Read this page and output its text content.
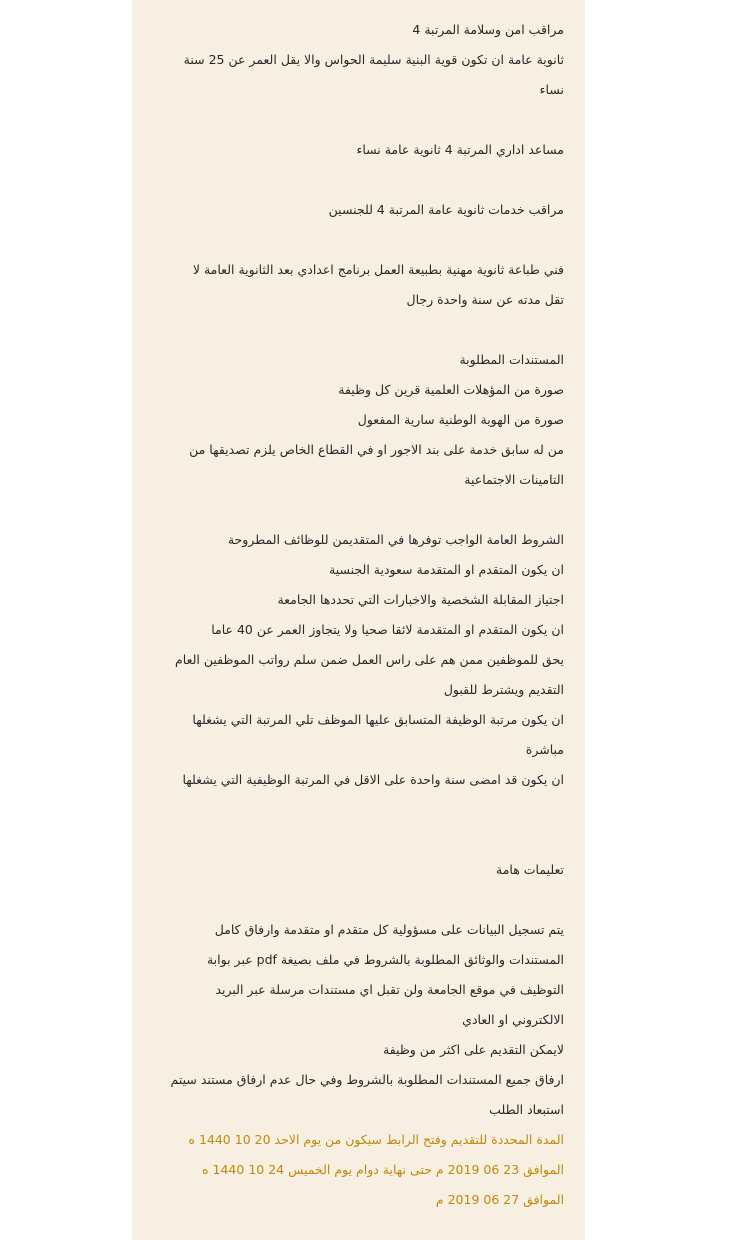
مراقب امن وسلامة المرتبة 4

ثانوية عامة ان تكون قوية البنية سليمة الحواس والا يقل العمر عن 25 سنة

نساء

مساعد اداري المرتبة 4 ثانوية عامة نساء

مراقب خدمات ثانوية عامة المرتبة 4 للجنسين

فني طباعة ثانوية مهنية بطبيعة العمل برنامج اعدادي بعد الثانوية العامة لا

تقل مدته عن سنة واحدة رجال

المستندات المطلوبة

صورة من المؤهلات العلمية قرين كل وظيفة

صورة من الهوية الوطنية سارية المفعول

من له سابق خدمة على بند الاجور او في القطاع الخاص يلزم تصديقها من

التامينات الاجتماعية

الشروط العامة الواجب توفرها في المتقديمن للوظائف المطروحة

ان يكون المتقدم او المتقدمة سعودية الجنسية

اجتياز المقابلة الشخصية والاخبارات التي تحددها الجامعة

ان يكون المتقدم او المتقدمة لائقا صحيا ولا يتجاوز العمر عن 40 عاما

يحق للموظفين ممن هم على راس العمل ضمن سلم رواتب الموظفين العام

التقديم ويشترط للقبول

ان يكون مرتبة الوظيفة المتسابق عليها الموظف تلي المرتبة التي يشغلها

مباشرة

ان يكون قد امضى سنة واحدة على الاقل في المرتبة الوظيفية التي يشغلها

تعليمات هامة

يتم تسجيل البيانات على مسؤولية كل متقدم او متقدمة وارفاق كامل

المستندات والوثائق المطلوبة بالشروط في ملف بصيغة pdf عبر بوابة

التوظيف في موقع الجامعة ولن تقبل اي مستندات مرسلة عبر البريد

الالكتروني او العادي

لايمكن التقديم على اكثر من وظيفة

ارفاق جميع المستندات المطلوبة بالشروط وفي حال عدم ارفاق مستند سيتم

استبعاد الطلب

المدة المحددة للتقديم وفتح الرابط سيكون من يوم الاحد 20 10 1440 ه

الموافق 23 06 2019 م حتى نهاية دوام يوم الخميس 24 10 1440 ه

الموافق 27 06 2019 م
